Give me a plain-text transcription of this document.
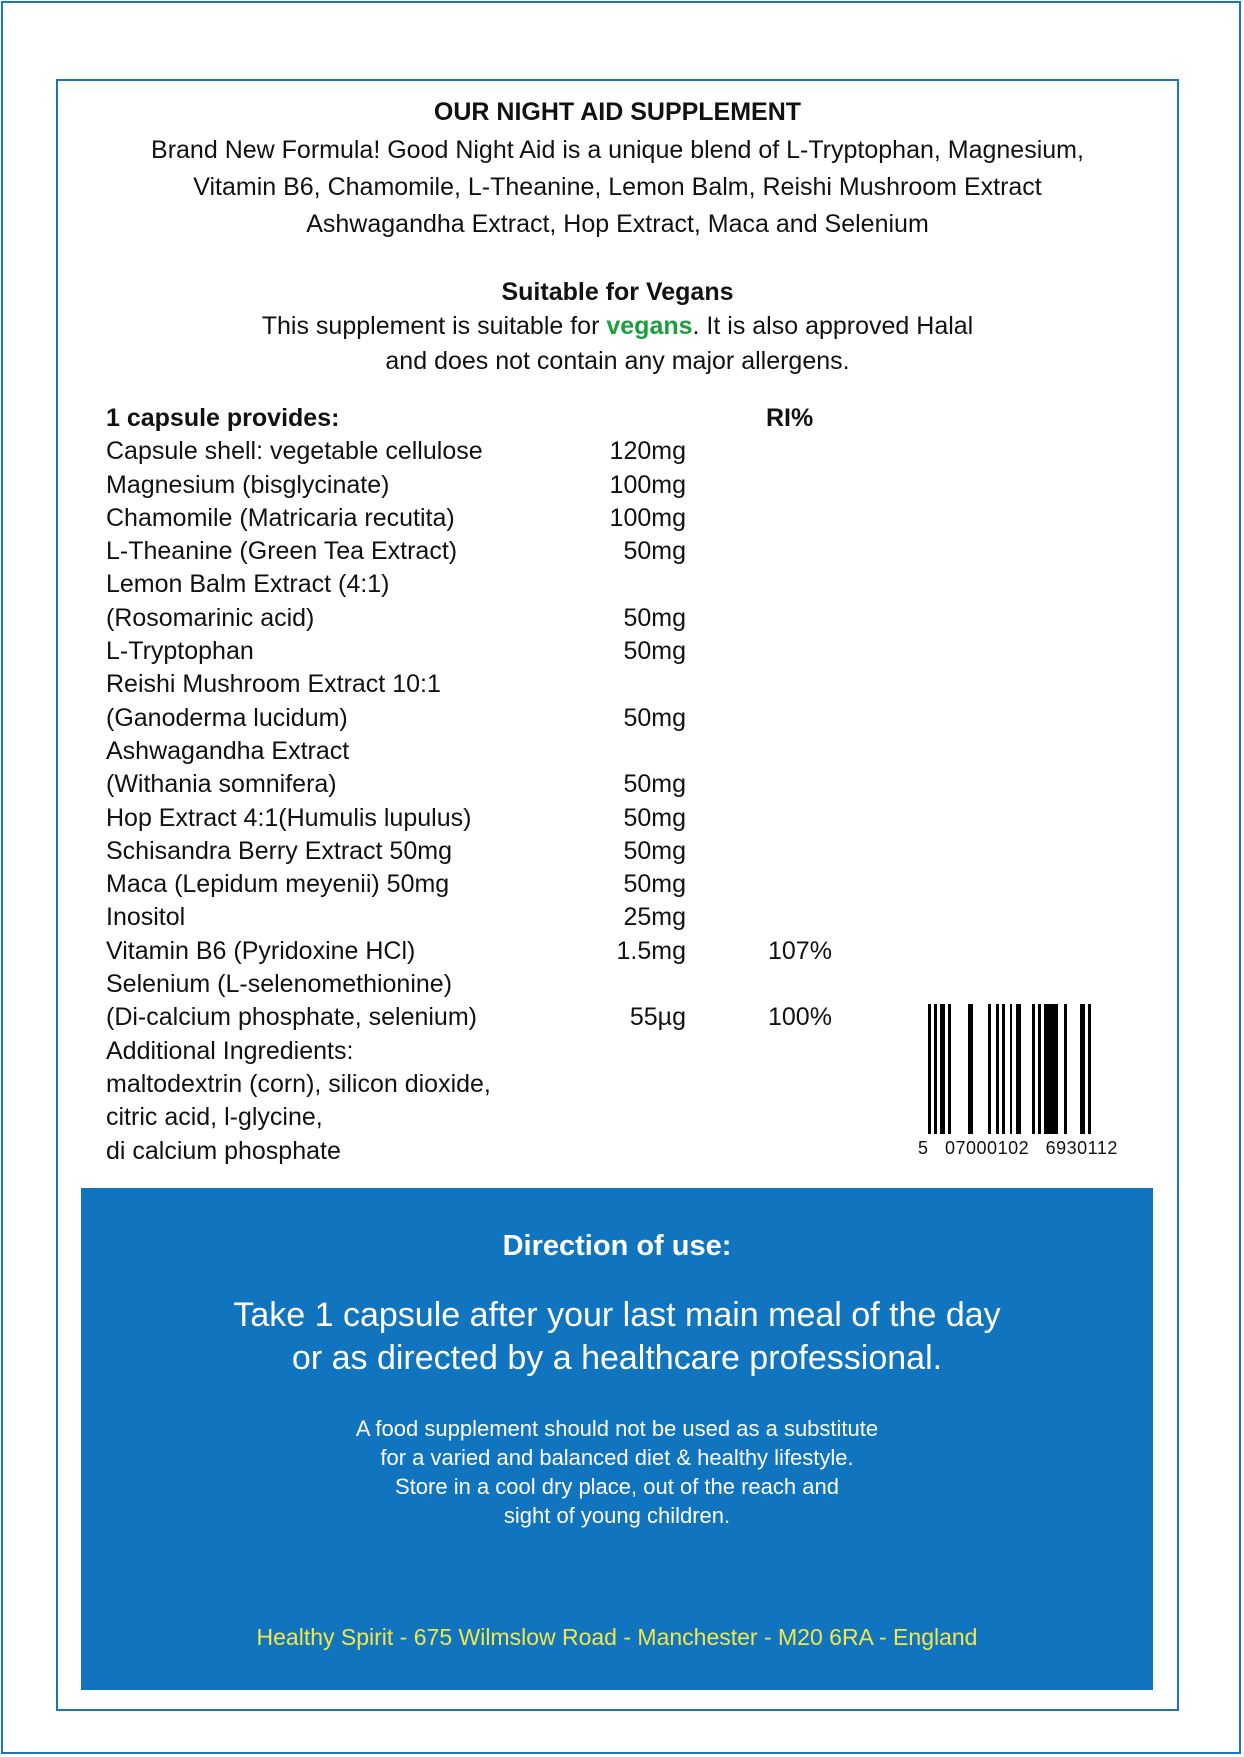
OUR NIGHT AID SUPPLEMENT
Brand New Formula! Good Night Aid is a unique blend of L-Tryptophan, Magnesium,
Vitamin B6, Chamomile, L-Theanine, Lemon Balm, Reishi Mushroom Extract
Ashwagandha Extract, Hop Extract, Maca and Selenium
Suitable for Vegans
This supplement is suitable for vegans. It is also approved Halal
and does not contain any major allergens.
1 capsule provides:	RI%
Capsule shell: vegetable cellulose	120mg
Magnesium (bisglycinate)	100mg
Chamomile (Matricaria recutita)	100mg
L-Theanine (Green Tea Extract)	50mg
Lemon Balm Extract (4:1)
(Rosomarinic acid)	50mg
L-Tryptophan	50mg
Reishi Mushroom Extract 10:1
(Ganoderma lucidum)	50mg
Ashwagandha Extract
(Withania somnifera)	50mg
Hop Extract 4:1(Humulis lupulus)	50mg
Schisandra Berry Extract 50mg	50mg
Maca (Lepidum meyenii) 50mg	50mg
Inositol	25mg
Vitamin B6 (Pyridoxine HCl)	1.5mg	107%
Selenium (L-selenomethionine)
(Di-calcium phosphate, selenium)	55µg	100%
Additional Ingredients:
maltodextrin (corn), silicon dioxide,
citric acid, l-glycine,
di calcium phosphate	5   07000102   6930112
Direction of use:
Take 1 capsule after your last main meal of the day
or as directed by a healthcare professional.
A food supplement should not be used as a substitute
for a varied and balanced diet & healthy lifestyle.
Store in a cool dry place, out of the reach and
sight of young children.
Healthy Spirit - 675 Wilmslow Road - Manchester - M20 6RA - England
